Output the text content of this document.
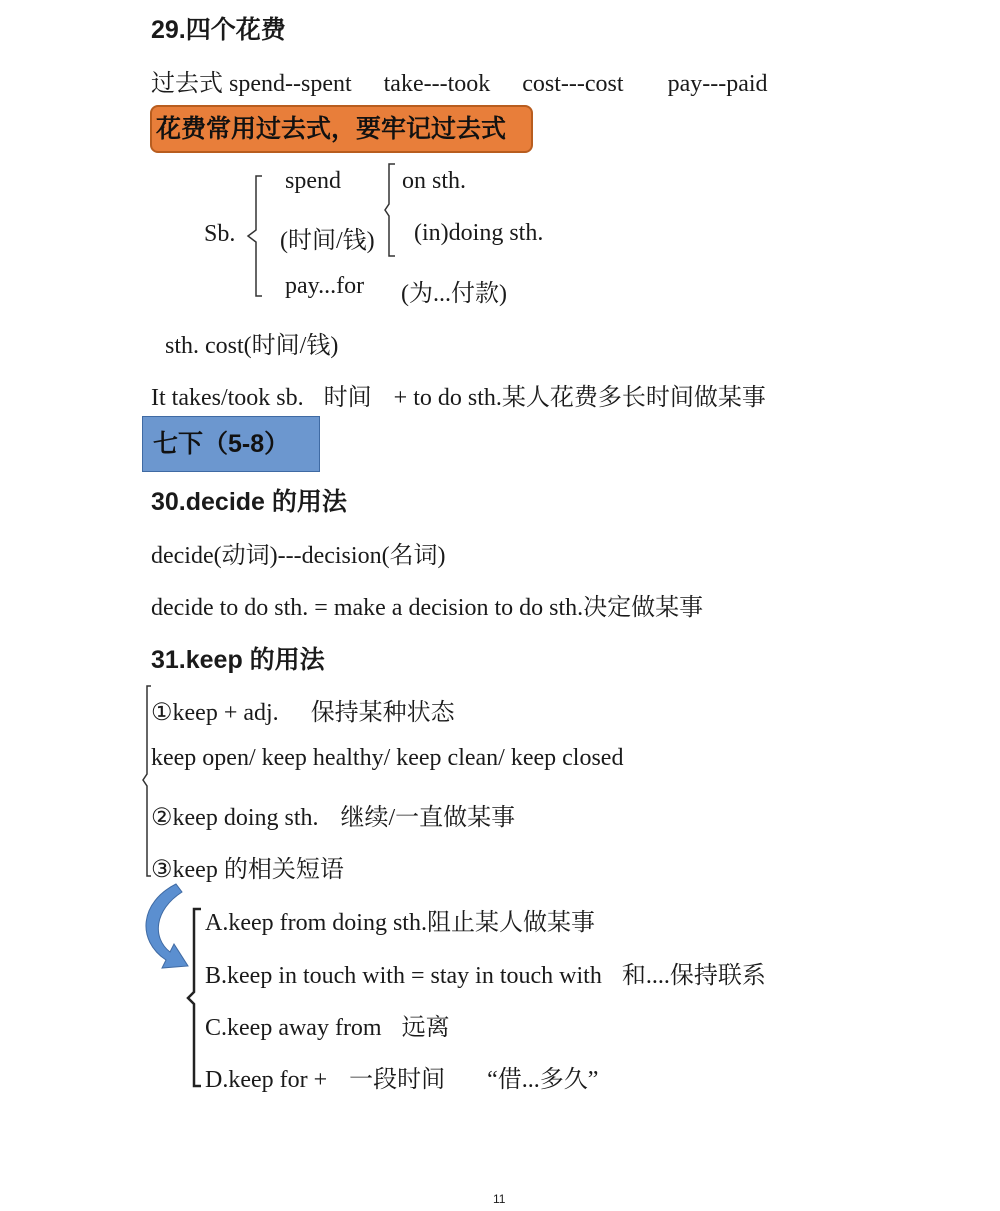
29.四个花费
过去式 spend--spent take---took cost---cost pay---paid
花费常用过去式，要牢记过去式
Sb.
spend
(时间/钱)
pay...for
on sth.
(in)doing sth.
(为...付款)
sth. cost(时间/钱)
It takes/took sb. 时间 + to do sth.某人花费多长时间做某事
七下（5-8）
30.decide 的用法
decide(动词)---decision(名词)
decide to do sth. = make a decision to do sth.决定做某事
31.keep 的用法
①keep + adj. 保持某种状态
keep open/ keep healthy/ keep clean/ keep closed
②keep doing sth. 继续/一直做某事
③keep 的相关短语
A.keep from doing sth.阻止某人做某事
B.keep in touch with = stay in touch with 和....保持联系
C.keep away from 远离
D.keep for + 一段时间 “借...多久”
11
